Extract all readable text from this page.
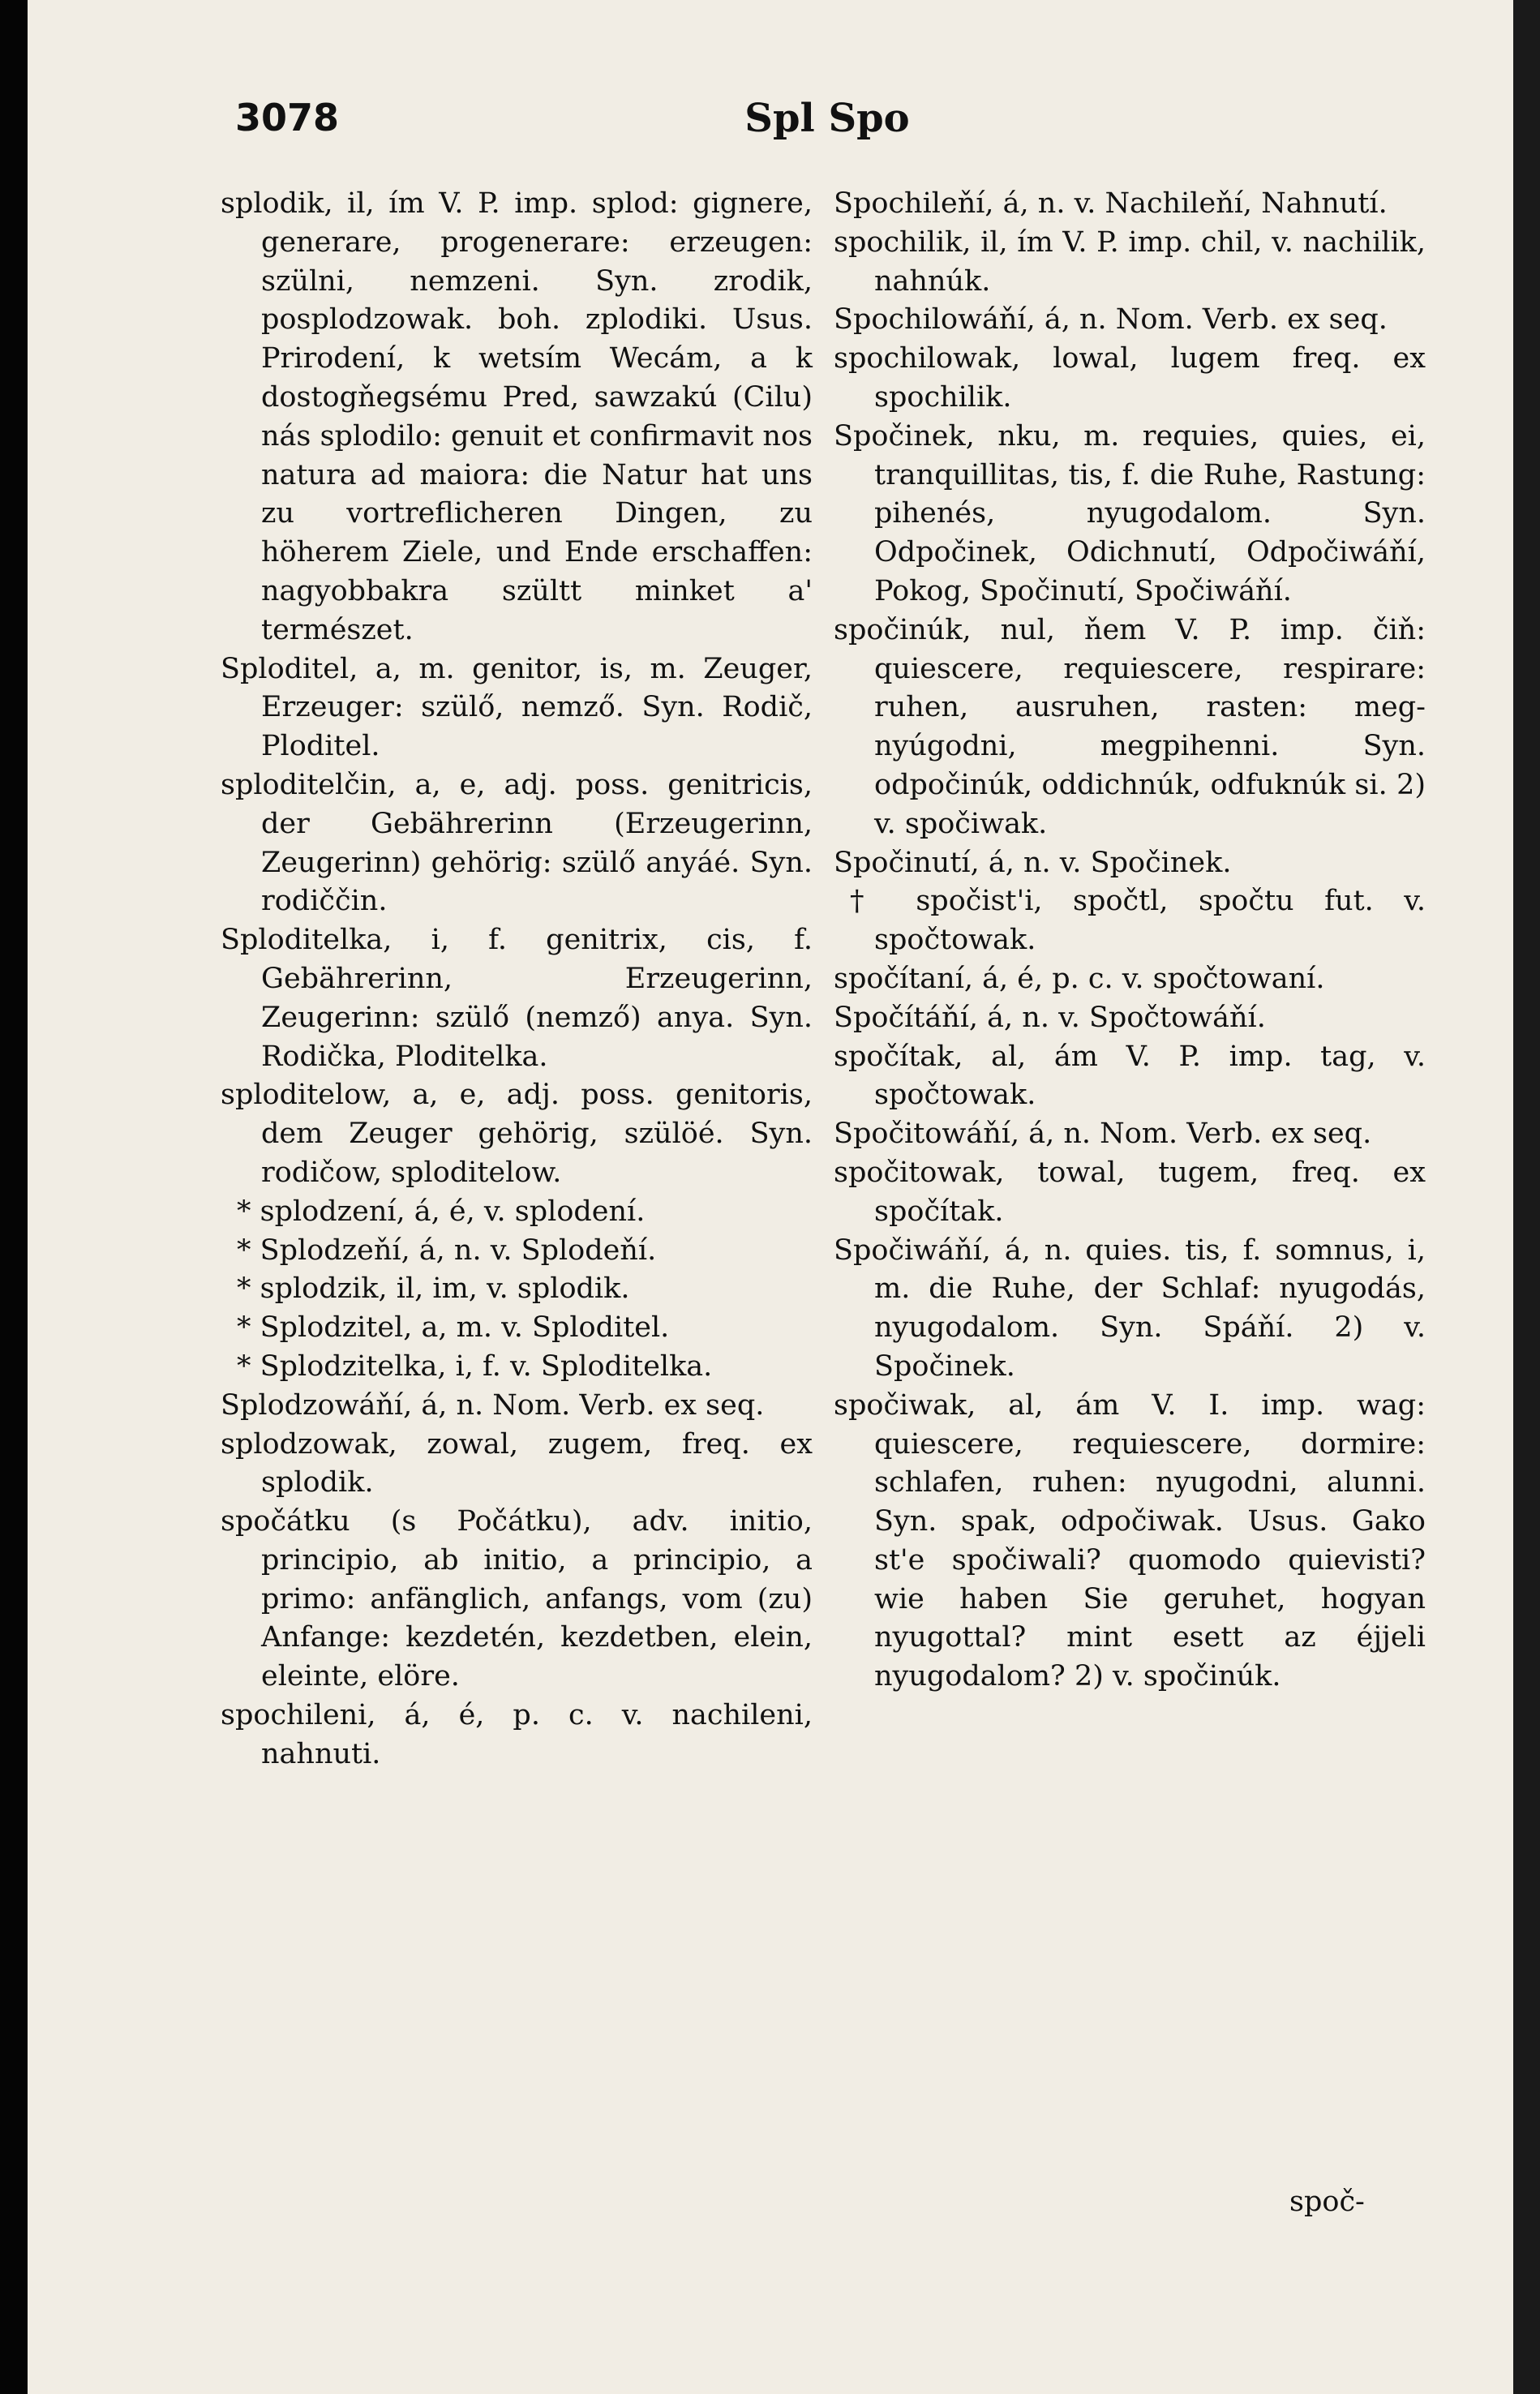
3078	Spl Spo

splodik, il, ím V. P. imp. splod: gignere, generare, progenerare: erzeugen: szülni, nemzeni. Syn. zrodik, posplodzowak. boh. zplodiki. Usus. Prirodení, k wetsím Wecám, a k dostogňegsému Pred, sawzakú (Cilu) nás splodilo: genuit et confirmavit nos natura ad maiora: die Natur hat uns zu vortreflicheren Dingen, zu höherem Ziele, und Ende erschaffen: nagyobbakra szültt minket a' természet.

Sploditel, a, m. genitor, is, m. Zeuger, Erzeuger: szülő, nemző. Syn. Rodič, Ploditel.

sploditelčin, a, e, adj. poss. genitricis, der Gebährerinn (Erzeugerinn, Zeugerinn) gehörig: szülő anyáé. Syn. rodiččin.

Sploditelka, i, f. genitrix, cis, f. Gebährerinn, Erzeugerinn, Zeugerinn: szülő (nemző) anya. Syn. Rodička, Ploditelka.

sploditelow, a, e, adj. poss. genitoris, dem Zeuger gehörig, szülöé. Syn. rodičow, sploditelow.

* splodzení, á, é, v. splodení.

* Splodzeňí, á, n. v. Splodeňí.

* splodzik, il, im, v. splodik.

* Splodzitel, a, m. v. Sploditel.

* Splodzitelka, i, f. v. Sploditelka.

Splodzowáňí, á, n. Nom. Verb. ex seq.

splodzowak, zowal, zugem, freq. ex splodik.

spočátku (s Počátku), adv. initio, principio, ab initio, a principio, a primo: anfänglich, anfangs, vom (zu) Anfange: kezdetén, kezdetben, elein, eleinte, elöre.

spochileni, á, é, p. c. v. nachileni, nahnuti.

Spochileňí, á, n. v. Nachileňí, Nahnutí.

spochilik, il, ím V. P. imp. chil, v. nachilik, nahnúk.

Spochilowáňí, á, n. Nom. Verb. ex seq.

spochilowak, lowal, lugem freq. ex spochilik.

Spočinek, nku, m. requies, quies, ei, tranquillitas, tis, f. die Ruhe, Rastung: pihenés, nyugodalom. Syn. Odpočinek, Odichnutí, Odpočiwáňí, Pokog, Spočinutí, Spočiwáňí.

spočinúk, nul, ňem V. P. imp. čiň: quiescere, requiescere, respirare: ruhen, ausruhen, rasten: meg-nyúgodni, megpihenni. Syn. odpočinúk, oddichnúk, odfuknúk si. 2) v. spočiwak.

Spočinutí, á, n. v. Spočinek.

† spočist'i, spočtl, spočtu fut. v. spočtowak.

spočítaní, á, é, p. c. v. spočtowaní.

Spočítáňí, á, n. v. Spočtowáňí.

spočítak, al, ám V. P. imp. tag, v. spočtowak.

Spočitowáňí, á, n. Nom. Verb. ex seq.

spočitowak, towal, tugem, freq. ex spočítak.

Spočiwáňí, á, n. quies. tis, f. somnus, i, m. die Ruhe, der Schlaf: nyugodás, nyugodalom. Syn. Spáňí. 2) v. Spočinek.

spočiwak, al, ám V. I. imp. wag: quiescere, requiescere, dormire: schlafen, ruhen: nyugodni, alunni. Syn. spak, odpočiwak. Usus. Gako st'e spočiwali? quomodo quievisti? wie haben Sie geruhet, hogyan nyugottal? mint esett az éjjeli nyugodalom? 2) v. spočinúk.

spoč-
